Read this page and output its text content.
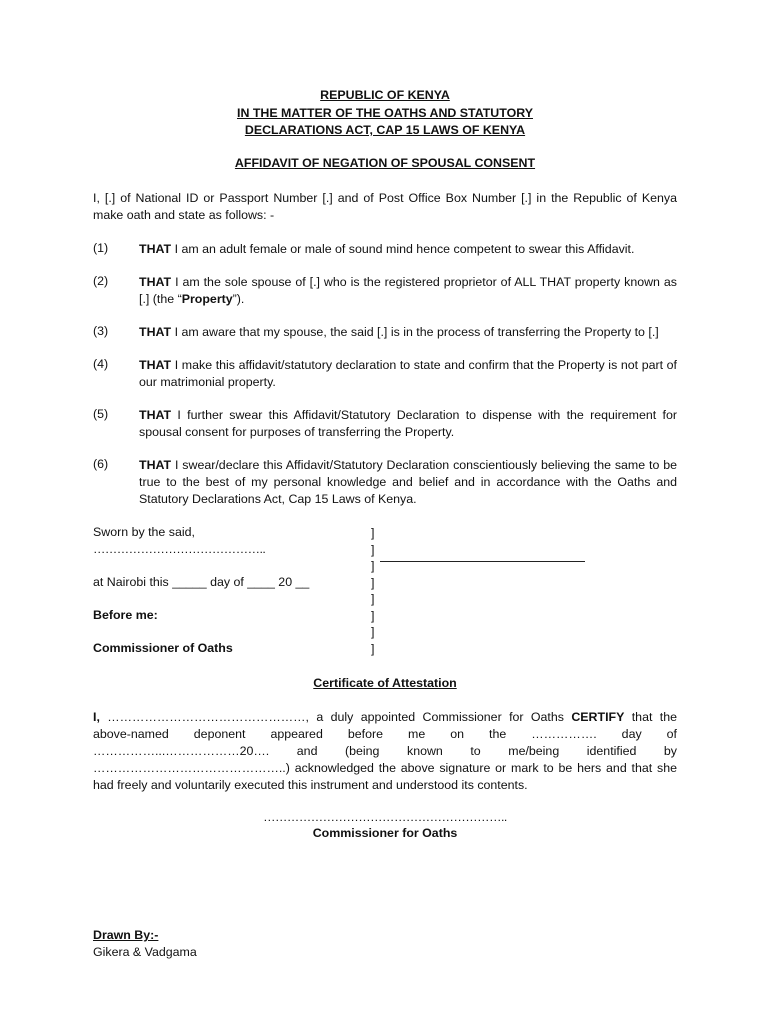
REPUBLIC OF KENYA
IN THE MATTER OF THE OATHS AND STATUTORY
DECLARATIONS ACT, CAP 15 LAWS OF KENYA
AFFIDAVIT OF NEGATION OF SPOUSAL CONSENT
I, [.] of National ID or Passport Number [.] and of Post Office Box Number [.] in the Republic of Kenya make oath and state as follows: -
(1) THAT I am an adult female or male of sound mind hence competent to swear this Affidavit.
(2) THAT I am the sole spouse of [.] who is the registered proprietor of ALL THAT property known as [.] (the “Property”).
(3) THAT I am aware that my spouse, the said [.] is in the process of transferring the Property to [.]
(4) THAT I make this affidavit/statutory declaration to state and confirm that the Property is not part of our matrimonial property.
(5) THAT I further swear this Affidavit/Statutory Declaration to dispense with the requirement for spousal consent for purposes of transferring the Property.
(6) THAT I swear/declare this Affidavit/Statutory Declaration conscientiously believing the same to be true to the best of my personal knowledge and belief and in accordance with the Oaths and Statutory Declarations Act, Cap 15 Laws of Kenya.
Sworn by the said,
……………………………………..
at Nairobi this _____ day of ____ 20 __
Before me:
Commissioner of Oaths
]
]
]
]
]
]
]
]
Certificate of Attestation
I, …………………………………………, a duly appointed Commissioner for Oaths CERTIFY that the
above-named deponent appeared before me on the ……………. day of
……………...………………20…. and (being known to me/being identified by
………………………………………..) acknowledged the above signature or mark to be hers and that she had freely and voluntarily executed this instrument and understood its contents.
……………………………………………………..
Commissioner for Oaths
Drawn By:-
Gikera & Vadgama
